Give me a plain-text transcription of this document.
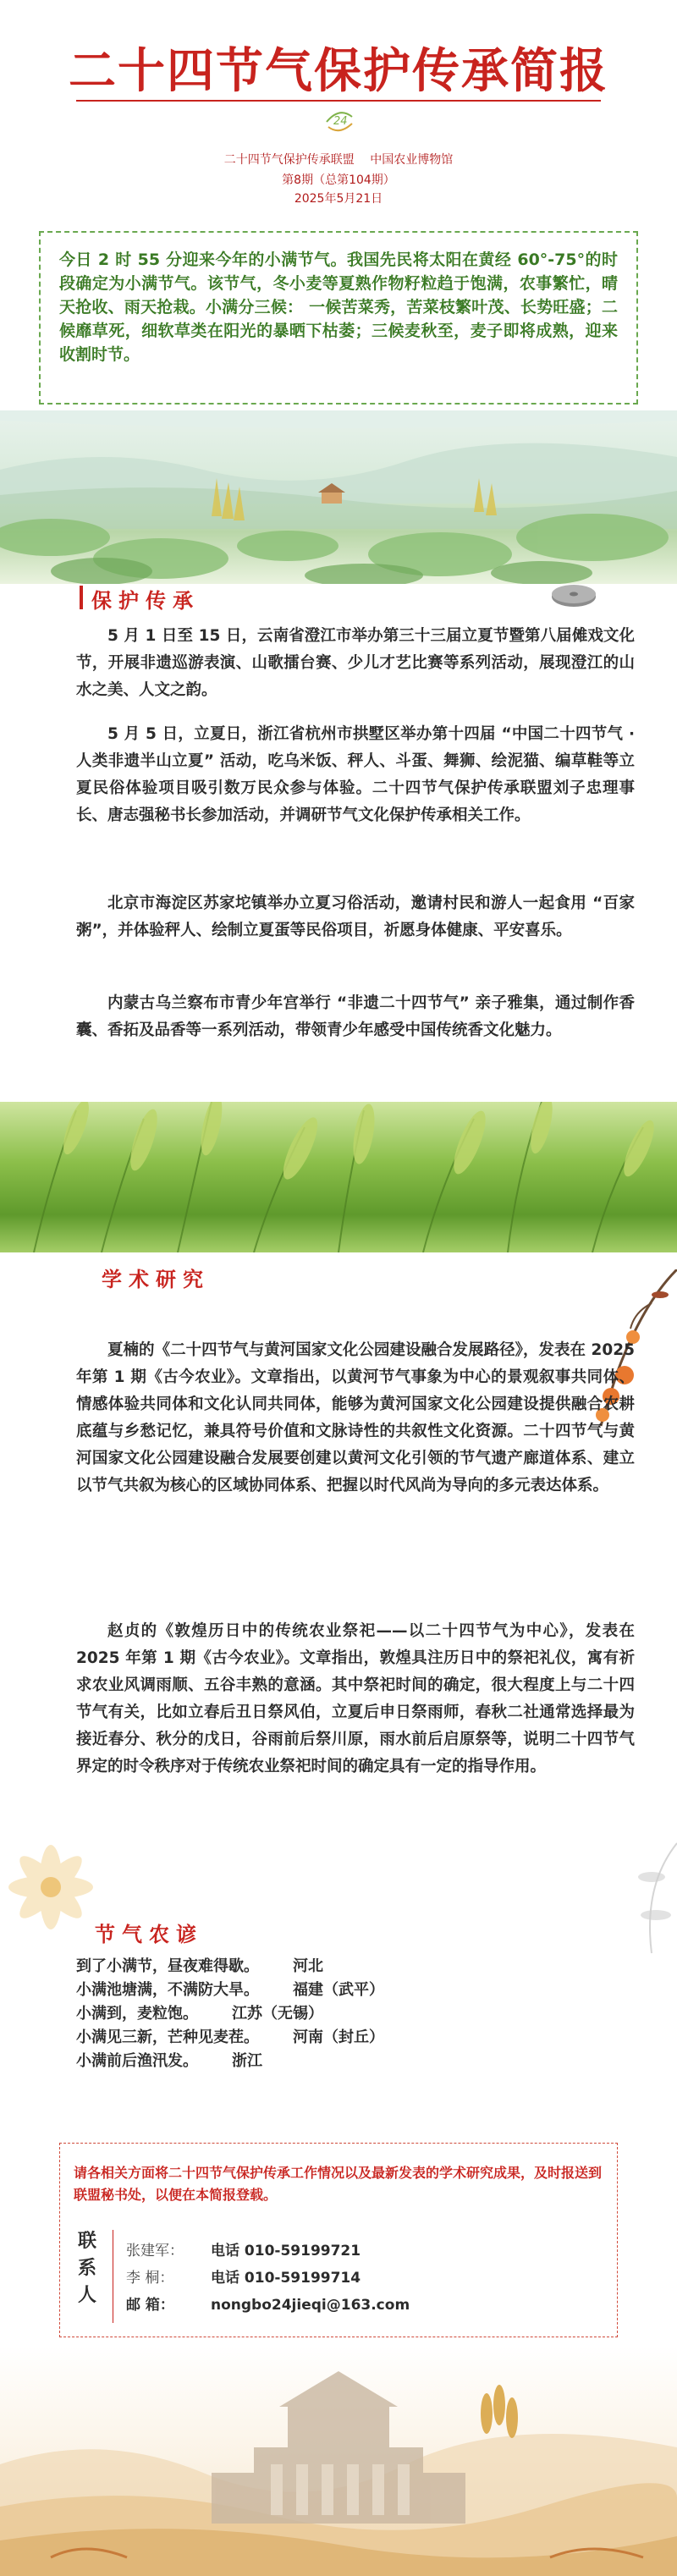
二十四节气保护传承简报
24
二十四节气保护传承联盟 中国农业博物馆
第8期（总第104期）
2025年5月21日
今日 2 时 55 分迎来今年的小满节气。我国先民将太阳在黄经 60°-75°的时段确定为小满节气。该节气，冬小麦等夏熟作物籽粒趋于饱满，农事繁忙，晴天抢收、雨天抢栽。小满分三候： 一候苦菜秀，苦菜枝繁叶茂、长势旺盛；二候靡草死，细软草类在阳光的暴晒下枯萎；三候麦秋至，麦子即将成熟，迎来收割时节。
保护传承
5 月 1 日至 15 日，云南省澄江市举办第三十三届立夏节暨第八届傩戏文化节，开展非遗巡游表演、山歌擂台赛、少儿才艺比赛等系列活动，展现澄江的山水之美、人文之韵。
5 月 5 日，立夏日，浙江省杭州市拱墅区举办第十四届 “中国二十四节气 · 人类非遗半山立夏” 活动，吃乌米饭、秤人、斗蛋、舞狮、绘泥猫、编草鞋等立夏民俗体验项目吸引数万民众参与体验。二十四节气保护传承联盟刘子忠理事长、唐志强秘书长参加活动，并调研节气文化保护传承相关工作。
北京市海淀区苏家坨镇举办立夏习俗活动，邀请村民和游人一起食用 “百家粥”，并体验秤人、绘制立夏蛋等民俗项目，祈愿身体健康、平安喜乐。
内蒙古乌兰察布市青少年宫举行 “非遗二十四节气” 亲子雅集，通过制作香囊、香拓及品香等一系列活动，带领青少年感受中国传统香文化魅力。
学术研究
夏楠的《二十四节气与黄河国家文化公园建设融合发展路径》，发表在 2025 年第 1 期《古今农业》。文章指出，以黄河节气事象为中心的景观叙事共同体、情感体验共同体和文化认同共同体，能够为黄河国家文化公园建设提供融合农耕底蕴与乡愁记忆，兼具符号价值和文脉诗性的共叙性文化资源。二十四节气与黄河国家文化公园建设融合发展要创建以黄河文化引领的节气遗产廊道体系、建立以节气共叙为核心的区域协同体系、把握以时代风尚为导向的多元表达体系。
赵贞的《敦煌历日中的传统农业祭祀——以二十四节气为中心》，发表在 2025 年第 1 期《古今农业》。文章指出，敦煌具注历日中的祭祀礼仪，寓有祈求农业风调雨顺、五谷丰熟的意涵。其中祭祀时间的确定，很大程度上与二十四节气有关，比如立春后丑日祭风伯，立夏后申日祭雨师，春秋二社通常选择最为接近春分、秋分的戊日，谷雨前后祭川原，雨水前后启原祭等，说明二十四节气界定的时令秩序对于传统农业祭祀时间的确定具有一定的指导作用。
节气农谚
到了小满节，昼夜难得歇。 河北
小满池塘满，不满防大旱。 福建（武平）
小满到，麦粒饱。 江苏（无锡）
小满见三新，芒种见麦茬。 河南（封丘）
小满前后渔汛发。 浙江
请各相关方面将二十四节气保护传承工作情况以及最新发表的学术研究成果，及时报送到联盟秘书处，以便在本简报登载。
联系人
张建军： 电话 010-59199721
李 桐：	电话 010-59199714
邮 箱：	nongbo24jieqi@163.com
